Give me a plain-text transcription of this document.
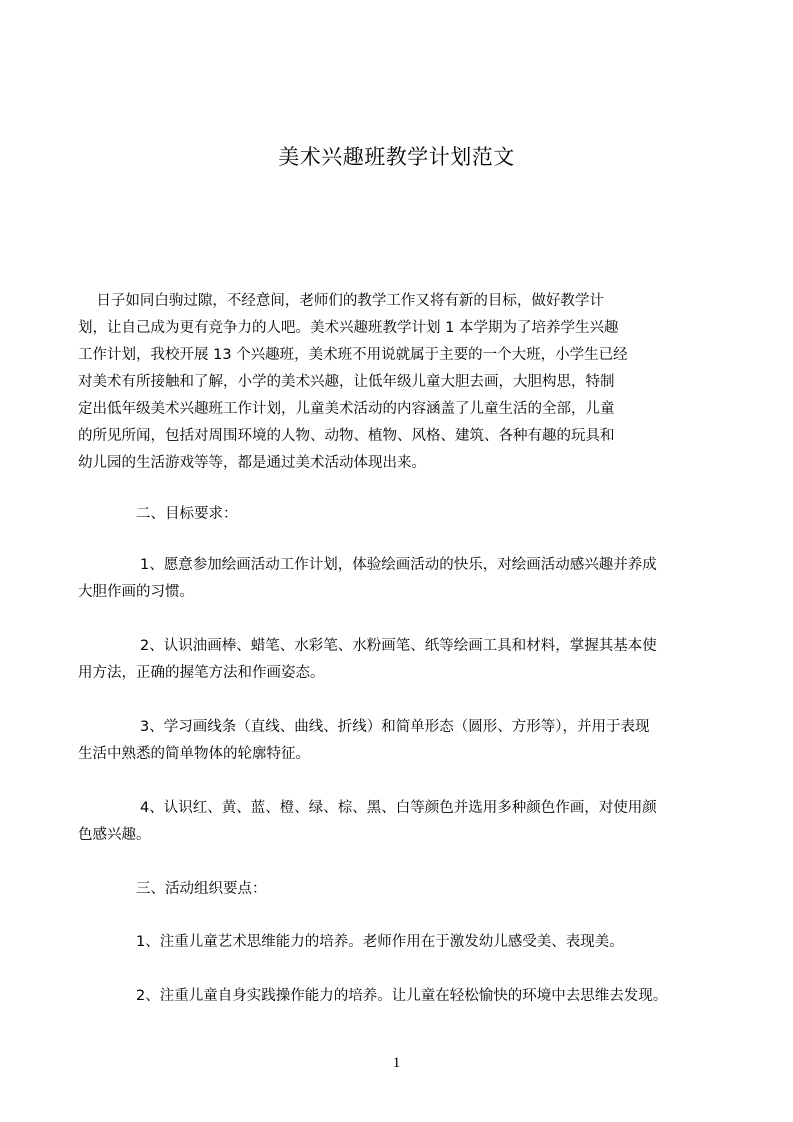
美术兴趣班教学计划范文
日子如同白驹过隙，不经意间，老师们的教学工作又将有新的目标，做好教学计
划，让自己成为更有竞争力的人吧。美术兴趣班教学计划 1 本学期为了培养学生兴趣
工作计划，我校开展 13 个兴趣班，美术班不用说就属于主要的一个大班，小学生已经
对美术有所接触和了解，小学的美术兴趣，让低年级儿童大胆去画，大胆构思，特制
定出低年级美术兴趣班工作计划，儿童美术活动的内容涵盖了儿童生活的全部，儿童
的所见所闻，包括对周围环境的人物、动物、植物、风格、建筑、各种有趣的玩具和
幼儿园的生活游戏等等，都是通过美术活动体现出来。
二、目标要求：
1、愿意参加绘画活动工作计划，体验绘画活动的快乐，对绘画活动感兴趣并养成
大胆作画的习惯。
2、认识油画棒、蜡笔、水彩笔、水粉画笔、纸等绘画工具和材料，掌握其基本使
用方法，正确的握笔方法和作画姿态。
3、学习画线条（直线、曲线、折线）和简单形态（圆形、方形等），并用于表现
生活中熟悉的简单物体的轮廓特征。
4、认识红、黄、蓝、橙、绿、棕、黑、白等颜色并选用多种颜色作画，对使用颜
色感兴趣。
三、活动组织要点：
1、注重儿童艺术思维能力的培养。老师作用在于激发幼儿感受美、表现美。
2、注重儿童自身实践操作能力的培养。让儿童在轻松愉快的环境中去思维去发现。
1
